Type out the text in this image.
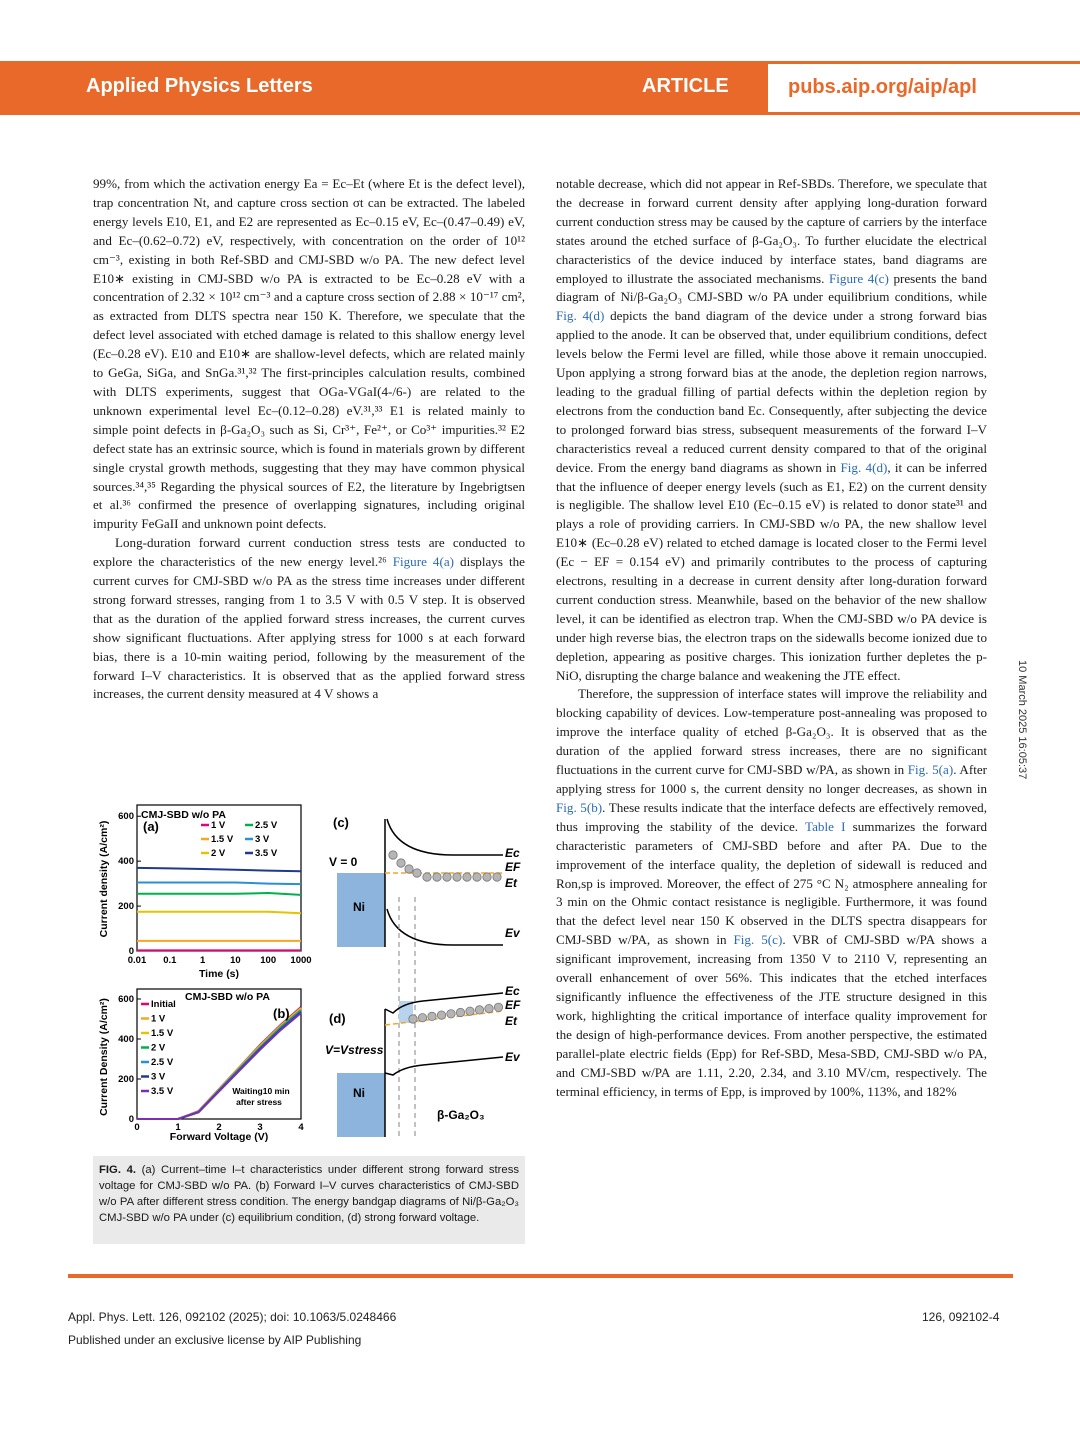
Applied Physics Letters	ARTICLE	pubs.aip.org/aip/apl

99%, from which the activation energy Ea = Ec–Et (where Et is the defect level), trap concentration Nt, and capture cross section σt can be extracted. The labeled energy levels E10, E1, and E2 are represented as Ec–0.15 eV, Ec–(0.47–0.49) eV, and Ec–(0.62–0.72) eV, respectively, with concentration on the order of 10¹² cm⁻³, existing in both Ref-SBD and CMJ-SBD w/o PA. The new defect level E10∗ existing in CMJ-SBD w/o PA is extracted to be Ec–0.28 eV with a concentration of 2.32 × 10¹² cm⁻³ and a capture cross section of 2.88 × 10⁻¹⁷ cm², as extracted from DLTS spectra near 150 K. Therefore, we speculate that the defect level associated with etched damage is related to this shallow energy level (Ec–0.28 eV). E10 and E10∗ are shallow-level defects, which are related mainly to GeGa, SiGa, and SnGa.³¹,³² The first-principles calculation results, combined with DLTS experiments, suggest that OGa-VGaI(4-/6-) are related to the unknown experimental level Ec–(0.12–0.28) eV.³¹,³³ E1 is related mainly to simple point defects in β-Ga₂O₃ such as Si, Cr³⁺, Fe²⁺, or Co³⁺ impurities.³² E2 defect state has an extrinsic source, which is found in materials grown by different single crystal growth methods, suggesting that they may have common physical sources.³⁴,³⁵ Regarding the physical sources of E2, the literature by Ingebrigtsen et al.³⁶ confirmed the presence of overlapping signatures, including original impurity FeGaII and unknown point defects.

Long-duration forward current conduction stress tests are conducted to explore the characteristics of the new energy level.²⁶ Figure 4(a) displays the current curves for CMJ-SBD w/o PA as the stress time increases under different strong forward stresses, ranging from 1 to 3.5 V with 0.5 V step. It is observed that as the duration of the applied forward stress increases, the current curves show significant fluctuations. After applying stress for 1000 s at each forward bias, there is a 10-min waiting period, following by the measurement of the forward I–V characteristics. It is observed that as the applied forward stress increases, the current density measured at 4 V shows a

notable decrease, which did not appear in Ref-SBDs. Therefore, we speculate that the decrease in forward current density after applying long-duration forward current conduction stress may be caused by the capture of carriers by the interface states around the etched surface of β-Ga₂O₃. To further elucidate the electrical characteristics of the device induced by interface states, band diagrams are employed to illustrate the associated mechanisms. Figure 4(c) presents the band diagram of Ni/β-Ga₂O₃ CMJ-SBD w/o PA under equilibrium conditions, while Fig. 4(d) depicts the band diagram of the device under a strong forward bias applied to the anode. It can be observed that, under equilibrium conditions, defect levels below the Fermi level are filled, while those above it remain unoccupied. Upon applying a strong forward bias at the anode, the depletion region narrows, leading to the gradual filling of partial defects within the depletion region by electrons from the conduction band Ec. Consequently, after subjecting the device to prolonged forward bias stress, subsequent measurements of the forward I–V characteristics reveal a reduced current density compared to that of the original device. From the energy band diagrams as shown in Fig. 4(d), it can be inferred that the influence of deeper energy levels (such as E1, E2) on the current density is negligible. The shallow level E10 (Ec–0.15 eV) is related to donor state³¹ and plays a role of providing carriers. In CMJ-SBD w/o PA, the new shallow level E10∗ (Ec–0.28 eV) related to etched damage is located closer to the Fermi level (Ec − EF = 0.154 eV) and primarily contributes to the process of capturing electrons, resulting in a decrease in current density after long-duration forward current conduction stress. Meanwhile, based on the behavior of the new shallow level, it can be identified as electron trap. When the CMJ-SBD w/o PA device is under high reverse bias, the electron traps on the sidewalls become ionized due to depletion, appearing as positive charges. This ionization further depletes the p-NiO, disrupting the charge balance and weakening the JTE effect.

Therefore, the suppression of interface states will improve the reliability and blocking capability of devices. Low-temperature post-annealing was proposed to improve the interface quality of etched β-Ga₂O₃. It is observed that as the duration of the applied forward stress increases, there are no significant fluctuations in the current curve for CMJ-SBD w/PA, as shown in Fig. 5(a). After applying stress for 1000 s, the current density no longer decreases, as shown in Fig. 5(b). These results indicate that the interface defects are effectively removed, thus improving the stability of the device. Table I summarizes the forward characteristic parameters of CMJ-SBD before and after PA. Due to the improvement of the interface quality, the depletion of sidewall is reduced and Ron,sp is improved. Moreover, the effect of 275 °C N₂ atmosphere annealing for 3 min on the Ohmic contact resistance is negligible. Furthermore, it was found that the defect level near 150 K observed in the DLTS spectra disappears for CMJ-SBD w/PA, as shown in Fig. 5(c). VBR of CMJ-SBD w/PA shows a significant improvement, increasing from 1350 V to 2110 V, representing an overall enhancement of over 56%. This indicates that the etched interfaces significantly influence the effectiveness of the JTE structure designed in this work, highlighting the critical importance of interface quality improvement for the design of high-performance devices. From another perspective, the estimated parallel-plate electric fields (Epp) for Ref-SBD, Mesa-SBD, CMJ-SBD w/o PA, and CMJ-SBD w/PA are 1.11, 2.20, 2.34, and 3.10 MV/cm, respectively. The terminal efficiency, in terms of Epp, is improved by 100%, 113%, and 182%

Current density (A/cm²)
0
200
400
600
0.01 0.1 1	10 100 1000
(a)
CMJ-SBD w/o PA
1 V	2.5 V
1.5 V 3 V
2 V	3.5 V
Time (s)
Current Density (A/cm²)
0
200
400
600
0	1	2	3	4
CMJ-SBD w/o PA
(b)
Initial
1 V
1.5 V
2 V
2.5 V
3 V
3.5 V	Waiting10 min
after stress
Forward Voltage (V)
(c)
V = 0
Ni
Ec
EF
Et
Ev
(d)
V=Vstress
Ni
Ec
EF
Et
Ev
β-Ga₂O₃
FIG. 4. (a) Current–time I–t characteristics under different strong forward stress voltage for CMJ-SBD w/o PA. (b) Forward I–V curves characteristics of CMJ-SBD w/o PA after different stress condition. The energy bandgap diagrams of Ni/β-Ga₂O₃ CMJ-SBD w/o PA under (c) equilibrium condition, (d) strong forward voltage.
10 March 2025 16:05:37
Appl. Phys. Lett. 126, 092102 (2025); doi: 10.1063/5.0248466
Published under an exclusive license by AIP Publishing
126, 092102-4
